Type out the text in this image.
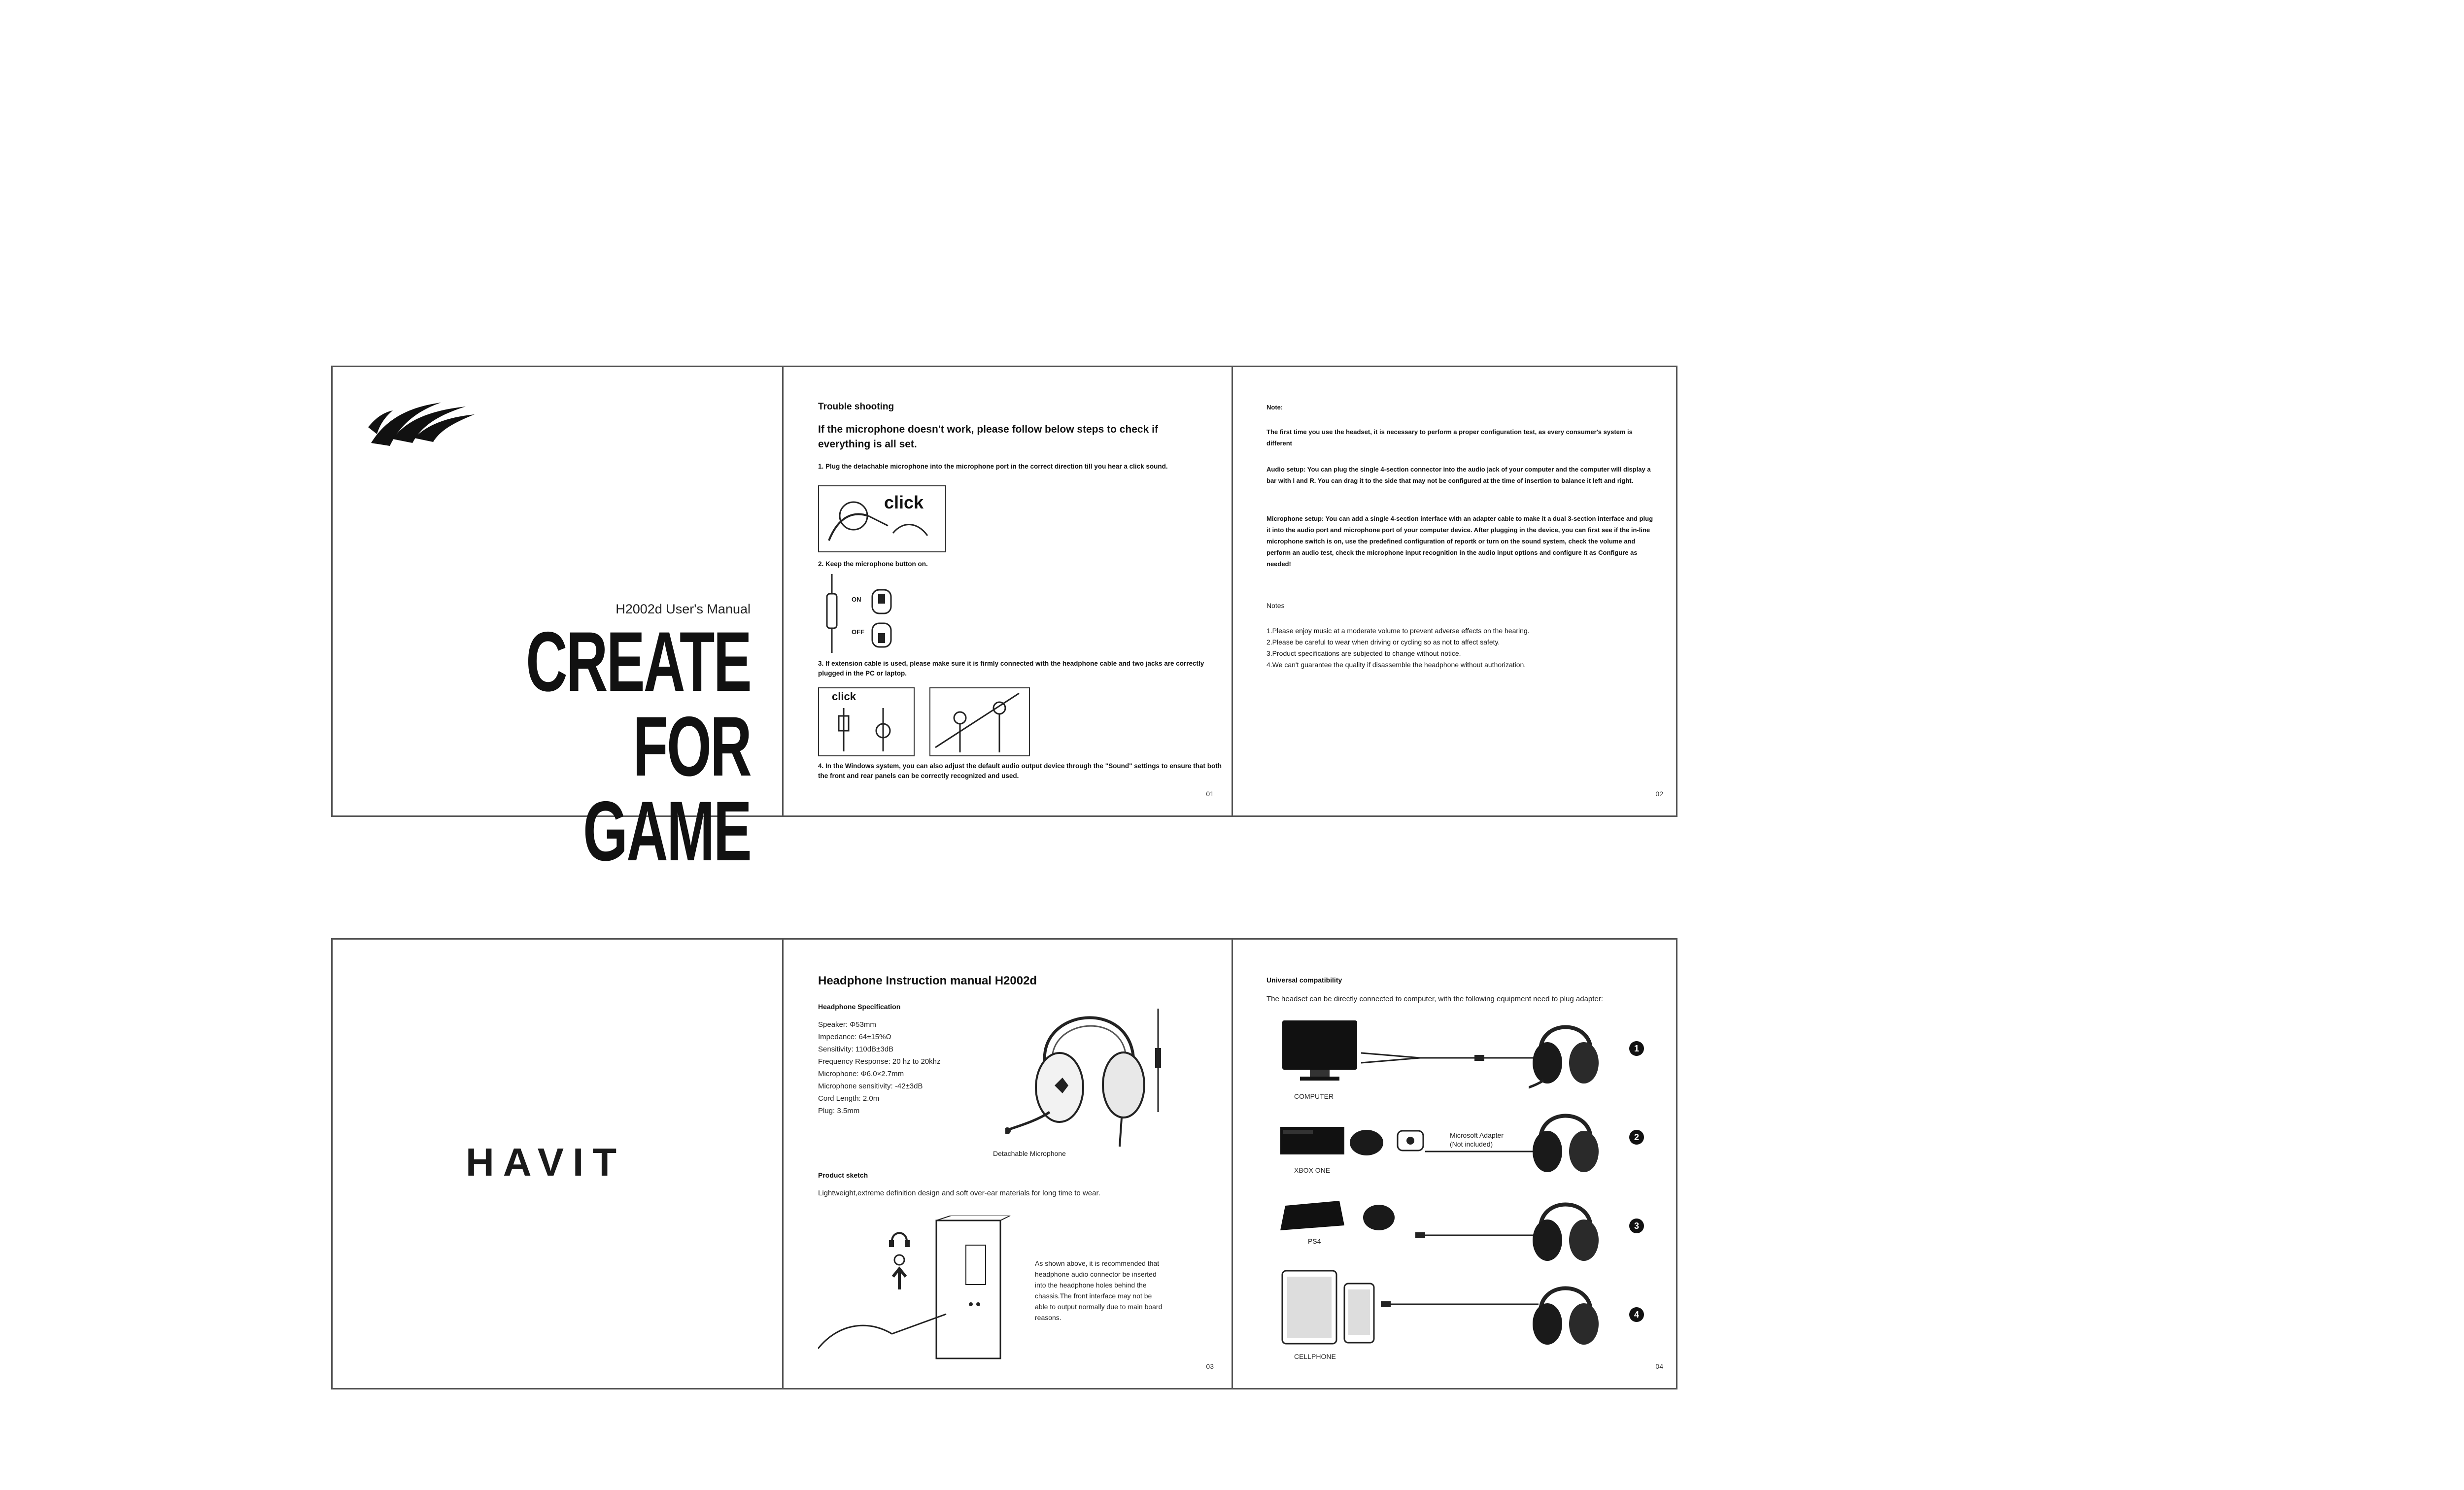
H2002d User's Manual
CREATE
FOR GAME
Trouble shooting
If the microphone doesn't work, please follow below steps to check if everything is all set.
1. Plug the detachable microphone into the microphone port in the correct direction till you hear a click sound.
click
2. Keep the microphone button on.
ON
OFF
3. If extension cable is used, please make sure it is firmly connected with the headphone cable and two jacks are correctly plugged in the PC or laptop.
click
4. In the Windows system, you can also adjust the default audio output device through the "Sound" settings to ensure that both the front and rear panels can be correctly recognized and used.
01
Note:
The first time you use the headset, it is necessary to perform a proper configuration test, as every consumer's system is different
Audio setup: You can plug the single 4-section connector into the audio jack of your computer and the computer will display a bar with l and R. You can drag it to the side that may not be configured at the time of insertion to balance it left and right.
Microphone setup: You can add a single 4-section interface with an adapter cable to make it a dual 3-section interface and plug it into the audio port and microphone port of your computer device. After plugging in the device, you can first see if the in-line microphone switch is on, use the predefined configuration of reportk or turn on the sound system, check the volume and perform an audio test, check the microphone input recognition in the audio input options and configure it as Configure as needed!
Notes
1.Please enjoy music at a moderate volume to prevent adverse effects on the hearing.
2.Please be careful to wear when driving or cycling so as not to affect safety.
3.Product specifications are subjected to change without notice.
4.We can't guarantee the quality if disassemble the headphone without authorization.
02
HAVIT
Headphone Instruction manual H2002d
Headphone Specification
Speaker: Φ53mm
Impedance: 64±15%Ω
Sensitivity: 110dB±3dB
Frequency Response: 20 hz to 20khz
Microphone: Φ6.0×2.7mm
Microphone sensitivity: -42±3dB
Cord Length: 2.0m
Plug: 3.5mm
Detachable Microphone
Product sketch
Lightweight,extreme definition design and soft over-ear materials for long time to wear.
As shown above, it is recommended that headphone audio connector be inserted into the headphone holes behind the chassis.The front interface may not be able to output normally due to main board reasons.
03
Universal compatibility
The headset can be directly connected to computer, with the following equipment need to plug adapter:
COMPUTER
1
XBOX ONE
Microsoft Adapter
(Not included)
2
PS4
3
CELLPHONE
4
04
